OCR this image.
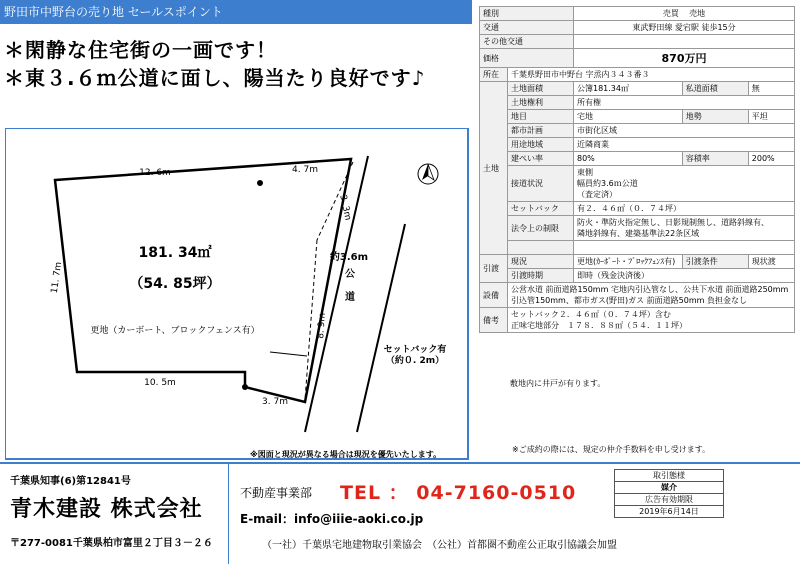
野田市中野台の売り地 セールスポイント
＊閑静な住宅街の一画です！
＊東３.６ｍ公道に面し、陽当たり良好です♪
12. 6m	4. 7m
11. 7m
10. 5m
3. 7m
3. 3m
8. 9m
181. 34㎡
（54. 85坪）
更地（カーボート、ブロックフェンス有）
約3.6m
公
道
セットバック有
（約０. 2m）
※図面と現況が異なる場合は現況を優先いたします。
種別		売買 売地		
交通		東武野田線 愛宕駅 徒歩15分		
その他交通				
価格		870万円		
所在	千葉県野田市中野台 字烝内３４３番３			
土地	土地面積	公簿181.34㎡	私道面積	無
	土地権利	所有権		
	地目	宅地	地勢	平坦
	都市計画	市街化区域		
	用途地域	近隣商業		
	建ぺい率	80%	容積率	200%
	接道状況	東側
幅員約3.6ｍ公道
（査定済）		

	セットバック	有２．４６㎡（０．７４坪）		
	法令上の制限	防火・準防火指定無し、日影規制無し、道路斜線有、
隣地斜線有、建築基準法22条区域		

引渡	現況	更地(ｶｰﾎﾟｰﾄ・ﾌﾞﾛｯｸﾌｪﾝｽ有)	引渡条件	現状渡
	引渡時期	即時（残金決済後）		
設備	公営水道 前面道路150mm 宅地内引込管なし、公共下水道 前面道路250mm 引込管150mm、都市ガス(野田)ガス 前面道路50mm 負担金なし			
備考	セットバック２．４６㎡（０．７４坪）含む
正味宅地部分　１７８．８８㎡（５４．１１坪）			
敷地内に井戸が有ります。
※ご成約の際には、規定の仲介手数料を申し受けます。
千葉県知事(6)第12841号
青木建設 株式会社
〒277-0081千葉県柏市富里２丁目３－２６
不動産事業部 TEL ： 04-7160-0510
E-mail：info@iiie-aoki.co.jp
（一社）千葉県宅地建物取引業協会　（公社）首都圏不動産公正取引協議会加盟
取引態様
媒介
広告有効期限
2019年6月14日
